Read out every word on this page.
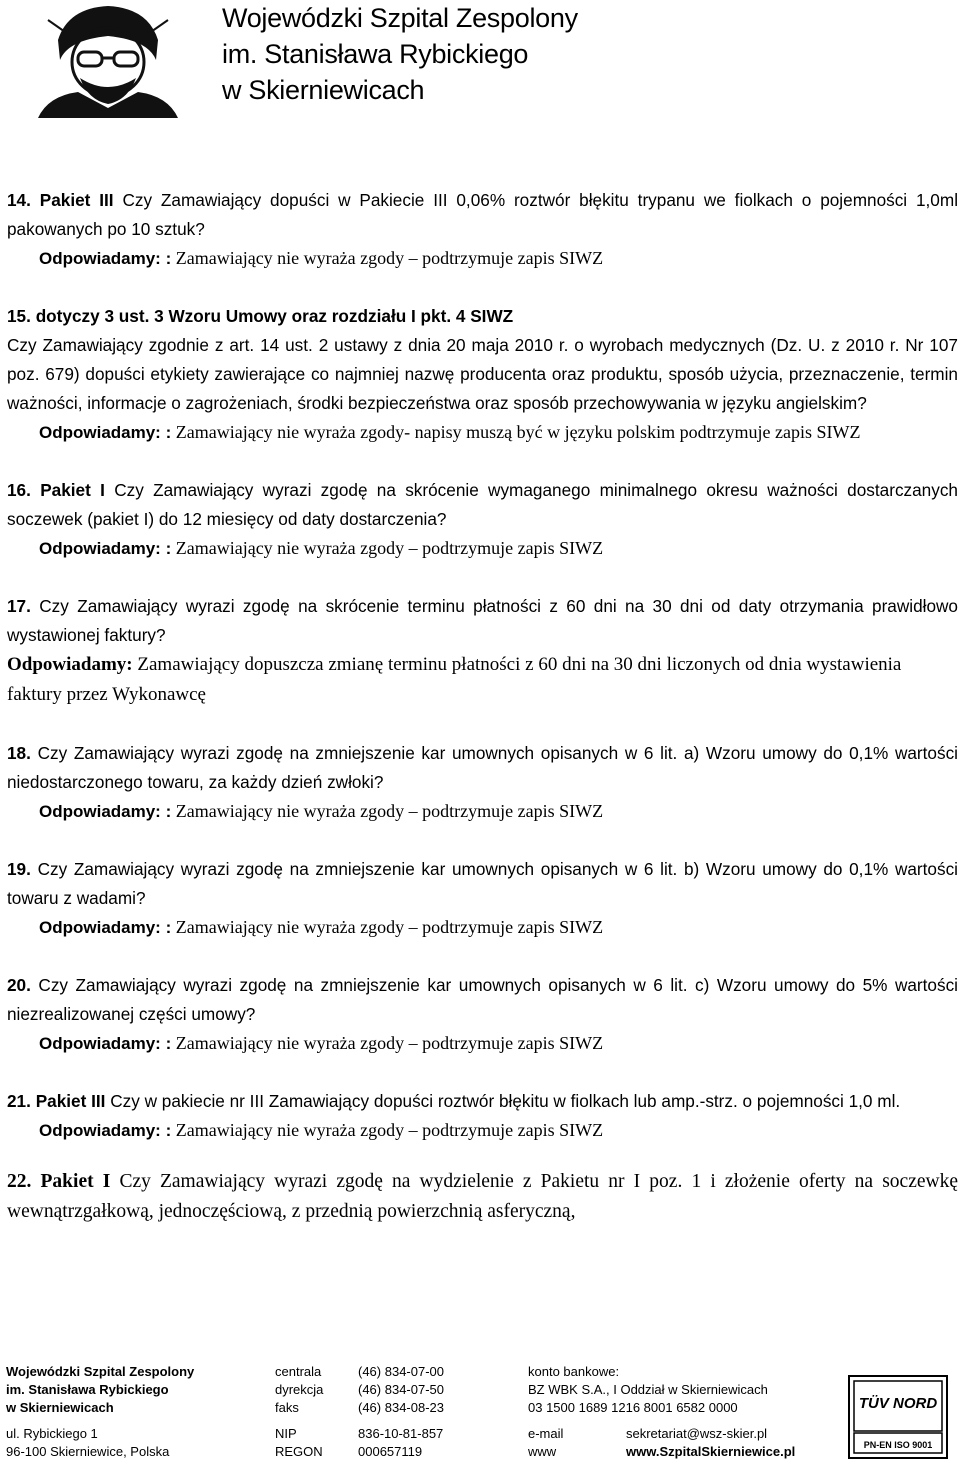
Wojewódzki Szpital Zespolony
im. Stanisława Rybickiego
w Skierniewicach
14. Pakiet III Czy Zamawiający dopuści w Pakiecie III 0,06% roztwór błękitu trypanu we fiolkach o pojemności 1,0ml pakowanych po 10 sztuk?
Odpowiadamy: : Zamawiający nie wyraża zgody – podtrzymuje zapis SIWZ
15. dotyczy 3 ust. 3 Wzoru Umowy oraz rozdziału I pkt. 4 SIWZ
Czy Zamawiający zgodnie z art. 14 ust. 2 ustawy z dnia 20 maja 2010 r. o wyrobach medycznych (Dz. U. z 2010 r. Nr 107 poz. 679) dopuści etykiety zawierające co najmniej nazwę producenta oraz produktu, sposób użycia, przeznaczenie, termin ważności, informacje o zagrożeniach, środki bezpieczeństwa oraz sposób przechowywania w języku angielskim?
Odpowiadamy: : Zamawiający nie wyraża zgody- napisy muszą być w języku polskim podtrzymuje zapis SIWZ
16. Pakiet I Czy Zamawiający wyrazi zgodę na skrócenie wymaganego minimalnego okresu ważności dostarczanych soczewek (pakiet I) do 12 miesięcy od daty dostarczenia?
Odpowiadamy: : Zamawiający nie wyraża zgody – podtrzymuje zapis SIWZ
17. Czy Zamawiający wyrazi zgodę na skrócenie terminu płatności z 60 dni na 30 dni od daty otrzymania prawidłowo wystawionej faktury?
Odpowiadamy: Zamawiający dopuszcza zmianę terminu płatności z 60 dni na 30 dni liczonych od dnia wystawienia faktury przez Wykonawcę
18. Czy Zamawiający wyrazi zgodę na zmniejszenie kar umownych opisanych w 6 lit. a) Wzoru umowy do 0,1% wartości niedostarczonego towaru, za każdy dzień zwłoki?
Odpowiadamy: : Zamawiający nie wyraża zgody – podtrzymuje zapis SIWZ
19. Czy Zamawiający wyrazi zgodę na zmniejszenie kar umownych opisanych w 6 lit. b) Wzoru umowy do 0,1% wartości towaru z wadami?
Odpowiadamy: : Zamawiający nie wyraża zgody – podtrzymuje zapis SIWZ
20. Czy Zamawiający wyrazi zgodę na zmniejszenie kar umownych opisanych w 6 lit. c) Wzoru umowy do 5% wartości niezrealizowanej części umowy?
Odpowiadamy: : Zamawiający nie wyraża zgody – podtrzymuje zapis SIWZ
21. Pakiet III Czy w pakiecie nr III Zamawiający dopuści roztwór błękitu w fiolkach lub amp.-strz. o pojemności 1,0 ml.
Odpowiadamy: : Zamawiający nie wyraża zgody – podtrzymuje zapis SIWZ
22. Pakiet I Czy Zamawiający wyrazi zgodę na wydzielenie z Pakietu nr I poz. 1 i złożenie oferty na soczewkę wewnątrzgałkową, jednoczęściową, z przednią powierzchnią asferyczną,
Wojewódzki Szpital Zespolony
im. Stanisława Rybickiego
w Skierniewicach
ul. Rybickiego 1
96-100 Skierniewice, Polska
centrala
dyrekcja
faks
NIP
REGON
(46) 834-07-00
(46) 834-07-50
(46) 834-08-23
836-10-81-857
000657119
konto bankowe:
BZ WBK S.A., I Oddział w Skierniewicach
03 1500 1689 1216 8001 6582 0000
e-mail	sekretariat@wsz-skier.pl
www	www.SzpitalSkierniewice.pl
TÜV NORD
PN-EN ISO 9001
